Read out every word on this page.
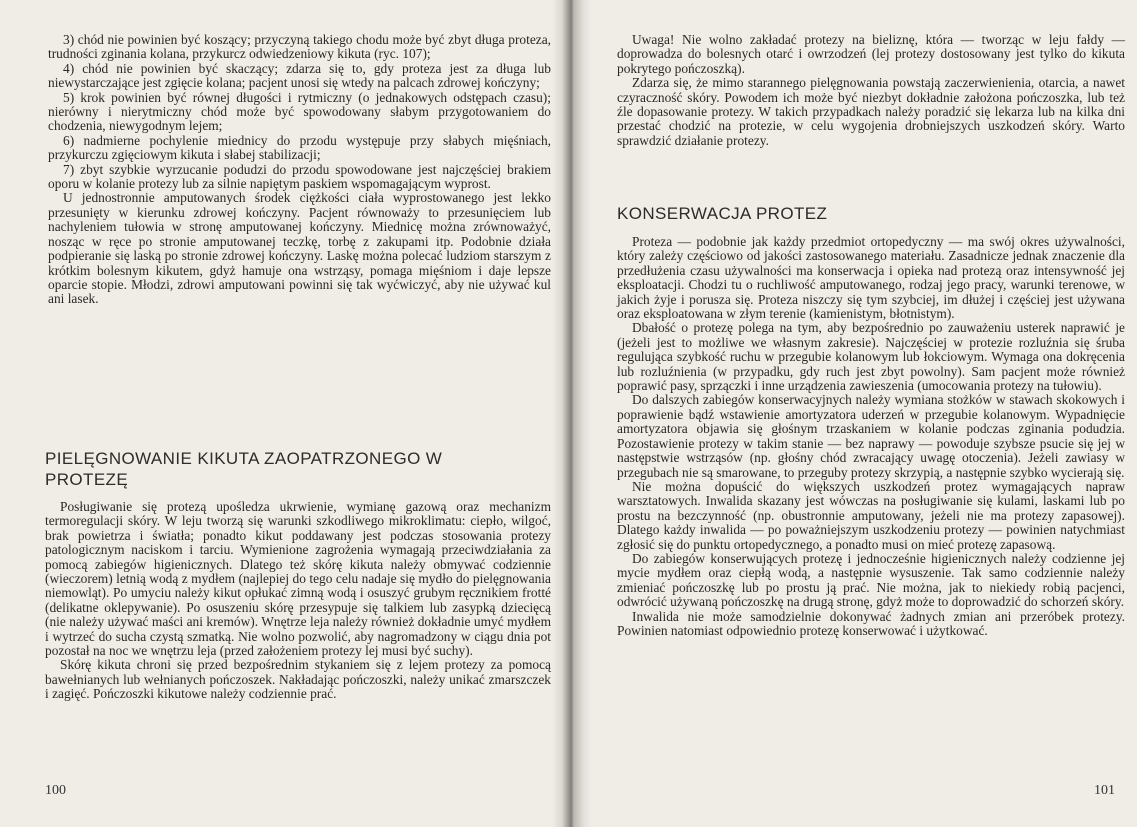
3) chód nie powinien być koszący; przyczyną takiego chodu może być zbyt długa proteza, trudności zginania kolana, przykurcz odwiedzeniowy kikuta (ryc. 107);

4) chód nie powinien być skaczący; zdarza się to, gdy proteza jest za długa lub niewystarczające jest zgięcie kolana; pacjent unosi się wtedy na palcach zdrowej kończyny;

5) krok powinien być równej długości i rytmiczny (o jednakowych odstępach czasu); nierówny i nierytmiczny chód może być spowodowany słabym przygotowaniem do chodzenia, niewygodnym lejem;

6) nadmierne pochylenie miednicy do przodu występuje przy słabych mięśniach, przykurczu zgięciowym kikuta i słabej stabilizacji;

7) zbyt szybkie wyrzucanie podudzi do przodu spowodowane jest najczęściej brakiem oporu w kolanie protezy lub za silnie napiętym paskiem wspomagającym wyprost.

U jednostronnie amputowanych środek ciężkości ciała wyprostowanego jest lekko przesunięty w kierunku zdrowej kończyny. Pacjent równoważy to przesunięciem lub nachyleniem tułowia w stronę amputowanej kończyny. Miednicę można zrównoważyć, nosząc w ręce po stronie amputowanej teczkę, torbę z zakupami itp. Podobnie działa podpieranie się laską po stronie zdrowej kończyny. Laskę można polecać ludziom starszym z krótkim bolesnym kikutem, gdyż hamuje ona wstrząsy, pomaga mięśniom i daje lepsze oparcie stopie. Młodzi, zdrowi amputowani powinni się tak wyćwiczyć, aby nie używać kul ani lasek.

PIELĘGNOWANIE KIKUTA ZAOPATRZONEGO W PROTEZĘ

Posługiwanie się protezą upośledza ukrwienie, wymianę gazową oraz mechanizm termoregulacji skóry. W leju tworzą się warunki szkodliwego mikroklimatu: ciepło, wilgoć, brak powietrza i światła; ponadto kikut poddawany jest podczas stosowania protezy patologicznym naciskom i tarciu. Wymienione zagrożenia wymagają przeciwdziałania za pomocą zabiegów higienicznych. Dlatego też skórę kikuta należy obmywać codziennie (wieczorem) letnią wodą z mydłem (najlepiej do tego celu nadaje się mydło do pielęgnowania niemowląt). Po umyciu należy kikut opłukać zimną wodą i osuszyć grubym ręcznikiem frotté (delikatne oklepywanie). Po osuszeniu skórę przesypuje się talkiem lub zasypką dziecięcą (nie należy używać maści ani kremów). Wnętrze leja należy również dokładnie umyć mydłem i wytrzeć do sucha czystą szmatką. Nie wolno pozwolić, aby nagromadzony w ciągu dnia pot pozostał na noc we wnętrzu leja (przed założeniem protezy lej musi być suchy).

Skórę kikuta chroni się przed bezpośrednim stykaniem się z lejem protezy za pomocą bawełnianych lub wełnianych pończoszek. Nakładając pończoszki, należy unikać zmarszczek i zagięć. Pończoszki kikutowe należy codziennie prać.

100

Uwaga! Nie wolno zakładać protezy na bieliznę, która — tworząc w leju fałdy — doprowadza do bolesnych otarć i owrzodzeń (lej protezy dostosowany jest tylko do kikuta pokrytego pończoszką).

Zdarza się, że mimo starannego pielęgnowania powstają zaczerwienienia, otarcia, a nawet czyraczność skóry. Powodem ich może być niezbyt dokładnie założona pończoszka, lub też źle dopasowanie protezy. W takich przypadkach należy poradzić się lekarza lub na kilka dni przestać chodzić na protezie, w celu wygojenia drobniejszych uszkodzeń skóry. Warto sprawdzić działanie protezy.

KONSERWACJA PROTEZ

Proteza — podobnie jak każdy przedmiot ortopedyczny — ma swój okres używalności, który zależy częściowo od jakości zastosowanego materiału. Zasadnicze jednak znaczenie dla przedłużenia czasu używalności ma konserwacja i opieka nad protezą oraz intensywność jej eksploatacji. Chodzi tu o ruchliwość amputowanego, rodzaj jego pracy, warunki terenowe, w jakich żyje i porusza się. Proteza niszczy się tym szybciej, im dłużej i częściej jest używana oraz eksploatowana w złym terenie (kamienistym, błotnistym).

Dbałość o protezę polega na tym, aby bezpośrednio po zauważeniu usterek naprawić je (jeżeli jest to możliwe we własnym zakresie). Najczęściej w protezie rozluźnia się śruba regulująca szybkość ruchu w przegubie kolanowym lub łokciowym. Wymaga ona dokręcenia lub rozluźnienia (w przypadku, gdy ruch jest zbyt powolny). Sam pacjent może również poprawić pasy, sprzączki i inne urządzenia zawieszenia (umocowania protezy na tułowiu).

Do dalszych zabiegów konserwacyjnych należy wymiana stożków w stawach skokowych i poprawienie bądź wstawienie amortyzatora uderzeń w przegubie kolanowym. Wypadnięcie amortyzatora objawia się głośnym trzaskaniem w kolanie podczas zginania podudzia. Pozostawienie protezy w takim stanie — bez naprawy — powoduje szybsze psucie się jej w następstwie wstrząsów (np. głośny chód zwracający uwagę otoczenia). Jeżeli zawiasy w przegubach nie są smarowane, to przeguby protezy skrzypią, a następnie szybko wycierają się.

Nie można dopuścić do większych uszkodzeń protez wymagających napraw warsztatowych. Inwalida skazany jest wówczas na posługiwanie się kulami, laskami lub po prostu na bezczynność (np. obustronnie amputowany, jeżeli nie ma protezy zapasowej). Dlatego każdy inwalida — po poważniejszym uszkodzeniu protezy — powinien natychmiast zgłosić się do punktu ortopedycznego, a ponadto musi on mieć protezę zapasową.

Do zabiegów konserwujących protezę i jednocześnie higienicznych należy codzienne jej mycie mydłem oraz ciepłą wodą, a następnie wysuszenie. Tak samo codziennie należy zmieniać pończoszkę lub po prostu ją prać. Nie można, jak to niekiedy robią pacjenci, odwrócić używaną pończoszkę na drugą stronę, gdyż może to doprowadzić do schorzeń skóry.

Inwalida nie może samodzielnie dokonywać żadnych zmian ani przeróbek protezy. Powinien natomiast odpowiednio protezę konserwować i użytkować.

101
